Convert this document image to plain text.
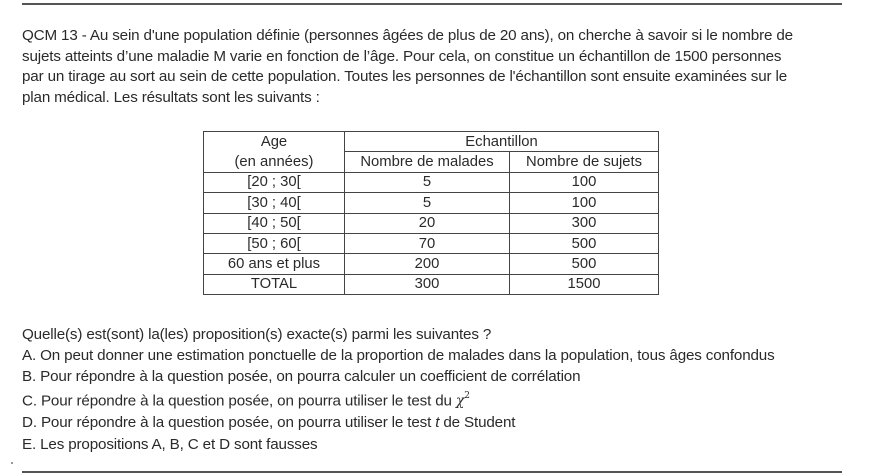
QCM 13 - Au sein d'une population définie (personnes âgées de plus de 20 ans), on cherche à savoir si le nombre de

sujets atteints d’une maladie M varie en fonction de l’âge. Pour cela, on constitue un échantillon de 1500 personnes

par un tirage au sort au sein de cette population. Toutes les personnes de l'échantillon sont ensuite examinées sur le

plan médical. Les résultats sont les suivants :

Age	Echantillon	
(en années)	Nombre de malades	Nombre de sujets
[20 ; 30[	5	100
[30 ; 40[	5	100
[40 ; 50[	20	300
[50 ; 60[	70	500
60 ans et plus	200	500
TOTAL	300	1500

Quelle(s) est(sont) la(les) proposition(s) exacte(s) parmi les suivantes ?

A. On peut donner une estimation ponctuelle de la proportion de malades dans la population, tous âges confondus

B. Pour répondre à la question posée, on pourra calculer un coefficient de corrélation

C. Pour répondre à la question posée, on pourra utiliser le test du $\chi^2$

D. Pour répondre à la question posée, on pourra utiliser le test t de Student

E. Les propositions A, B, C et D sont fausses
